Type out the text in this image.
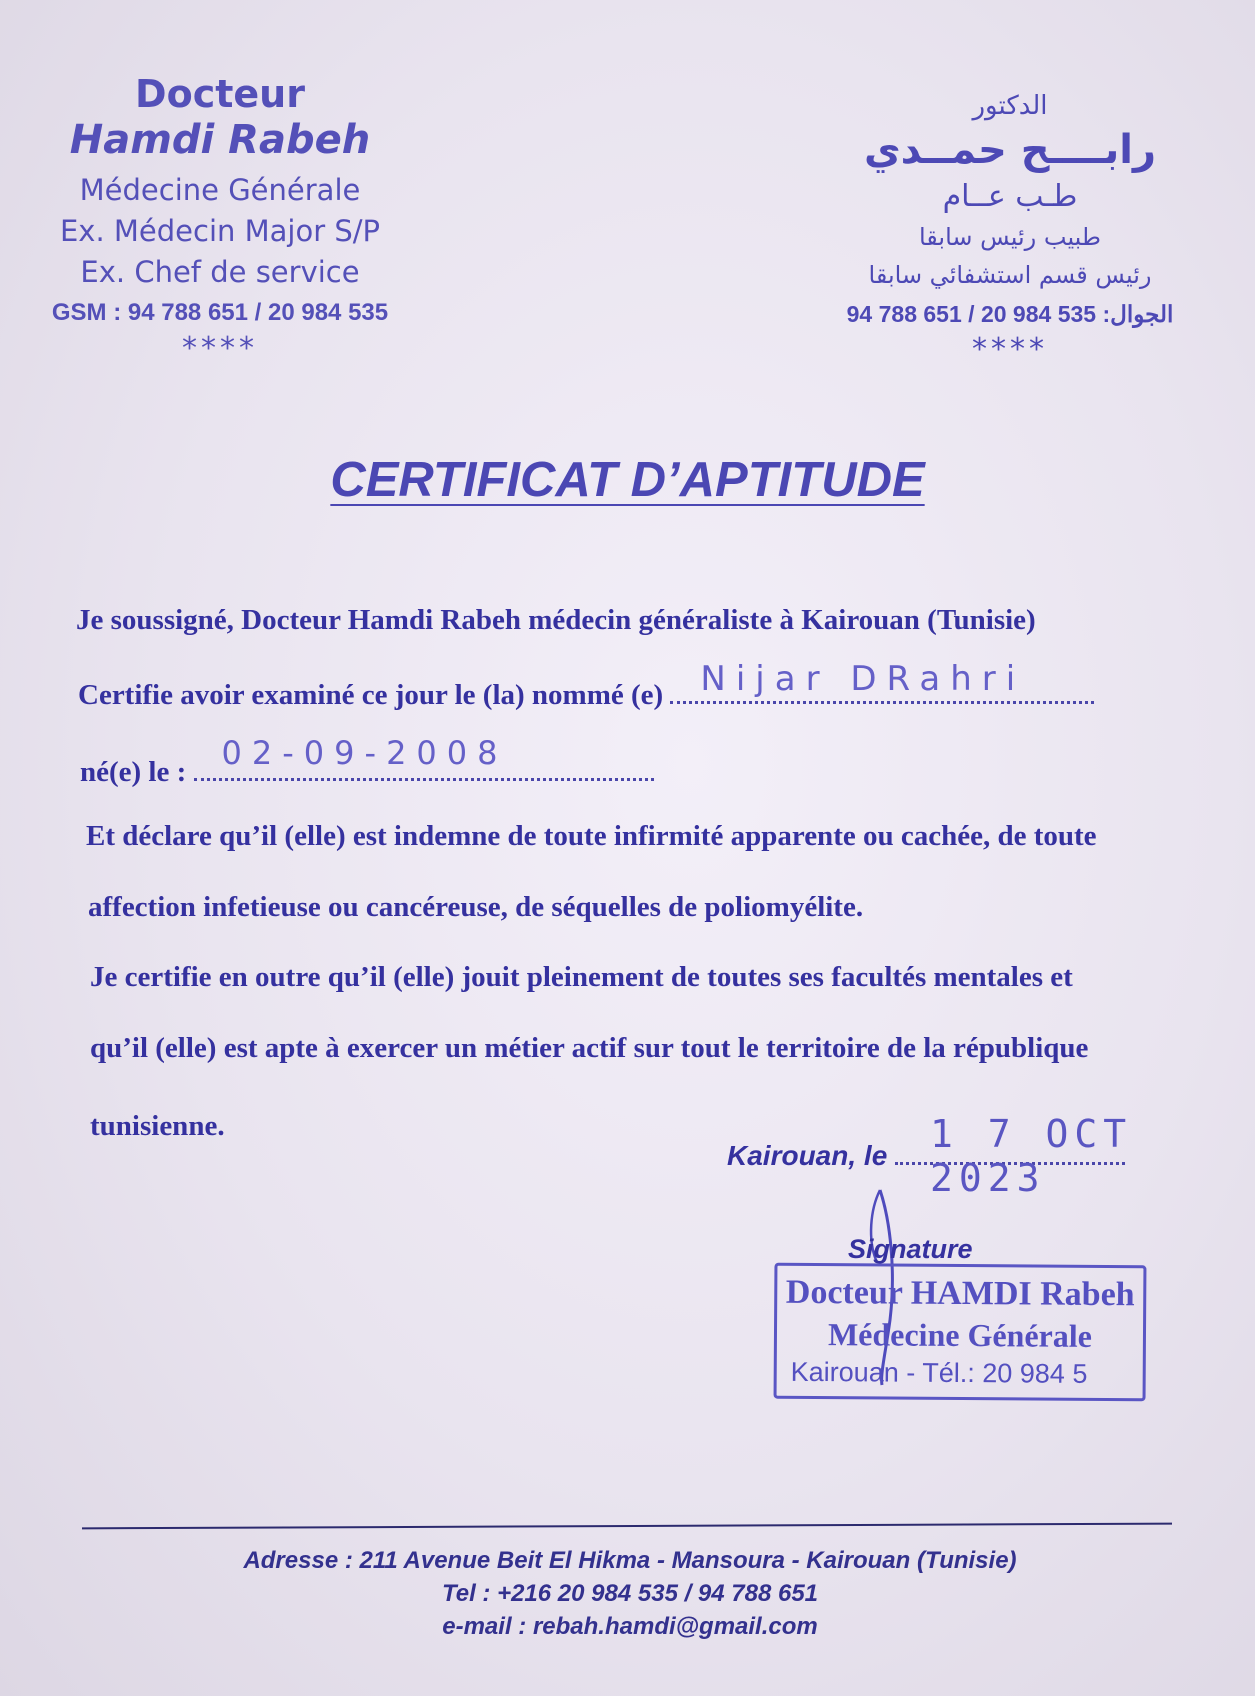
Docteur
Hamdi Rabeh
Médecine Générale
Ex. Médecin Major S/P
Ex. Chef de service
GSM : 94 788 651 / 20 984 535
****
الدكتور
رابــــح حمــدي
طـب عــام
طبيب رئيس سابقا
رئيس قسم استشفائي سابقا
الجوال: 535 984 20 / 651 788 94
****
CERTIFICAT D’APTITUDE
Je soussigné, Docteur Hamdi Rabeh médecin généraliste à Kairouan (Tunisie)
Certifie avoir examiné ce jour le (la) nommé (e) Nijar DRahri
né(e) le : 02-09-2008
Et déclare qu’il (elle) est indemne de toute infirmité apparente ou cachée, de toute
affection infetieuse ou cancéreuse, de séquelles de poliomyélite.
Je certifie en outre qu’il (elle) jouit pleinement de toutes ses facultés mentales et
qu’il (elle) est apte à exercer un métier actif sur tout le territoire de la république
tunisienne.
Kairouan, le	1 7 OCT 2023
Signature
Docteur HAMDI Rabeh
Médecine Générale
Kairouan - Tél.: 20 984 5
Adresse : 211 Avenue Beit El Hikma - Mansoura - Kairouan (Tunisie)
Tel : +216 20 984 535 / 94 788 651
e-mail : rebah.hamdi@gmail.com
